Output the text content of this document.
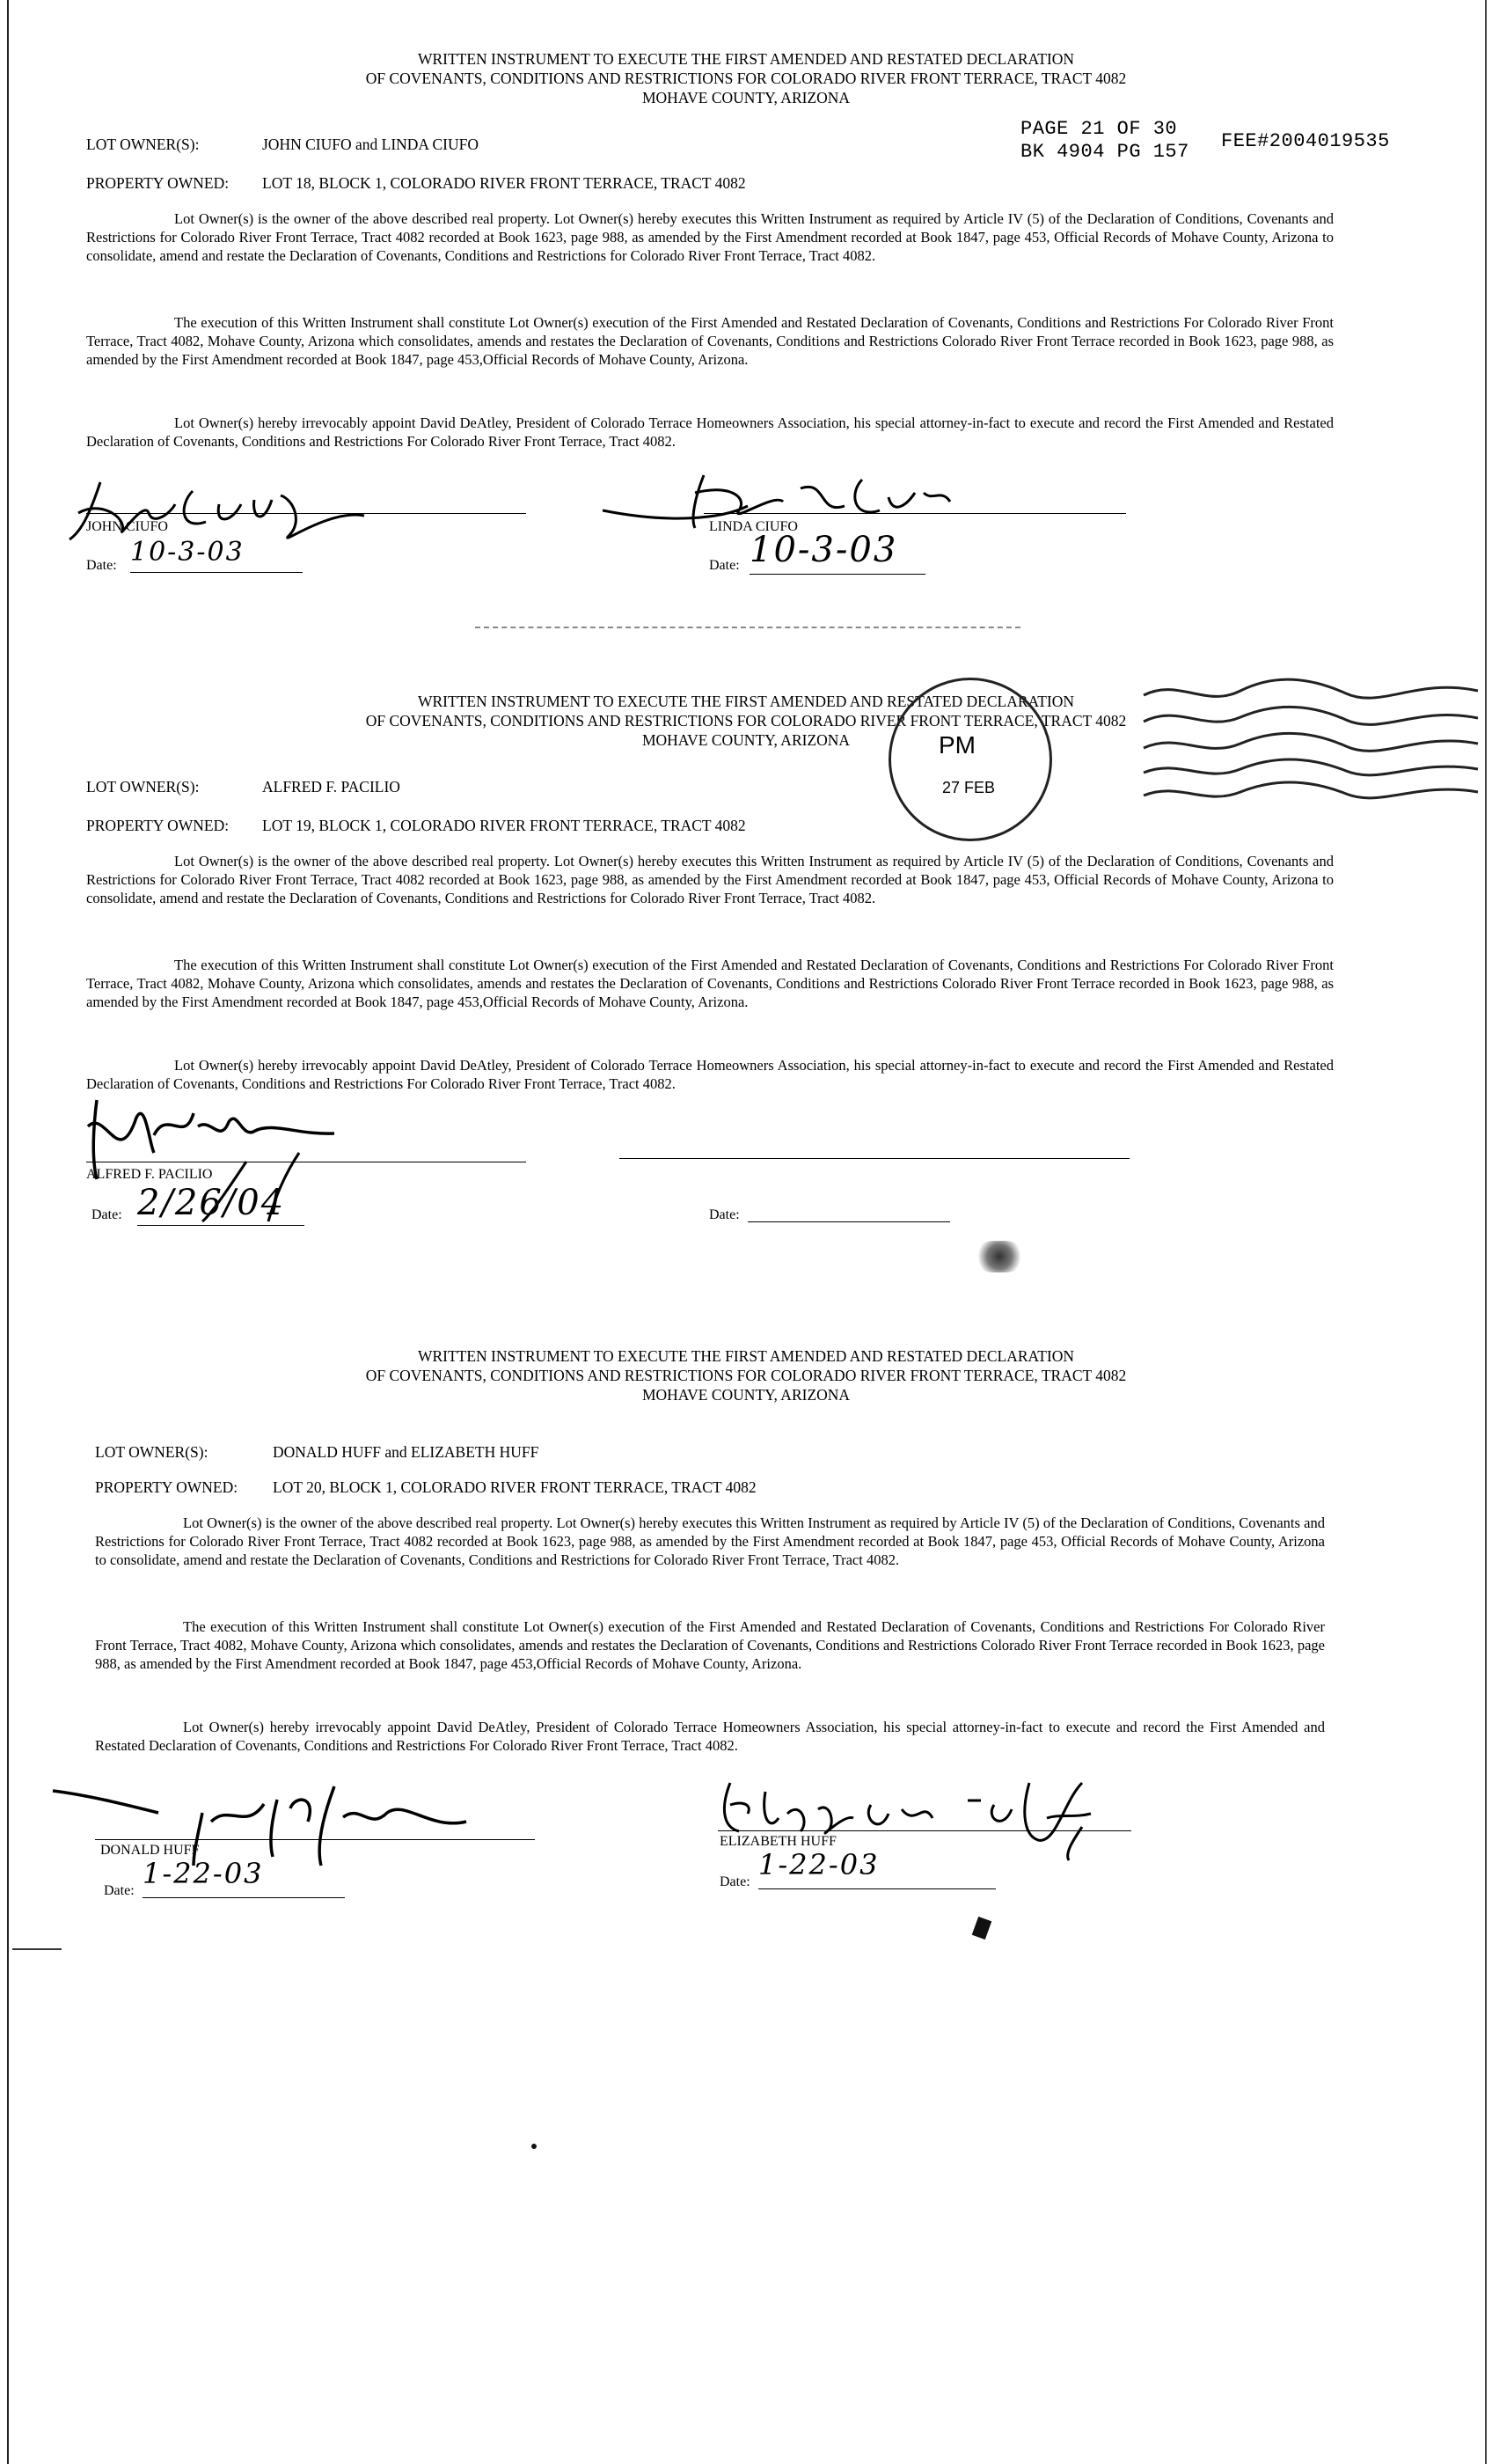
PAGE 21 OF 30
BK 4904 PG 157 FEE#2004019535
WRITTEN INSTRUMENT TO EXECUTE THE FIRST AMENDED AND RESTATED DECLARATION
OF COVENANTS, CONDITIONS AND RESTRICTIONS FOR COLORADO RIVER FRONT TERRACE, TRACT 4082
MOHAVE COUNTY, ARIZONA
LOT OWNER(S):	JOHN CIUFO and LINDA CIUFO
PROPERTY OWNED: LOT 18, BLOCK 1, COLORADO RIVER FRONT TERRACE, TRACT 4082
Lot Owner(s) is the owner of the above described real property. Lot Owner(s) hereby executes this Written Instrument as required by Article IV (5) of the Declaration of Conditions, Covenants and Restrictions for Colorado River Front Terrace, Tract 4082 recorded at Book 1623, page 988, as amended by the First Amendment recorded at Book 1847, page 453, Official Records of Mohave County, Arizona to consolidate, amend and restate the Declaration of Covenants, Conditions and Restrictions for Colorado River Front Terrace, Tract 4082.
The execution of this Written Instrument shall constitute Lot Owner(s) execution of the First Amended and Restated Declaration of Covenants, Conditions and Restrictions For Colorado River Front Terrace, Tract 4082, Mohave County, Arizona which consolidates, amends and restates the Declaration of Covenants, Conditions and Restrictions Colorado River Front Terrace recorded in Book 1623, page 988, as amended by the First Amendment recorded at Book 1847, page 453,Official Records of Mohave County, Arizona.
Lot Owner(s) hereby irrevocably appoint David DeAtley, President of Colorado Terrace Homeowners Association, his special attorney-in-fact to execute and record the First Amended and Restated Declaration of Covenants, Conditions and Restrictions For Colorado River Front Terrace, Tract 4082.
JOHN CIUFO	LINDA CIUFO
Date: 10-3-03	Date: 10-3-03
WRITTEN INSTRUMENT TO EXECUTE THE FIRST AMENDED AND RESTATED DECLARATION
OF COVENANTS, CONDITIONS AND RESTRICTIONS FOR COLORADO RIVER FRONT TERRACE, TRACT 4082
MOHAVE COUNTY, ARIZONA	PM
27 FEB
LOT OWNER(S):	ALFRED F. PACILIO
PROPERTY OWNED: LOT 19, BLOCK 1, COLORADO RIVER FRONT TERRACE, TRACT 4082
Lot Owner(s) is the owner of the above described real property. Lot Owner(s) hereby executes this Written Instrument as required by Article IV (5) of the Declaration of Conditions, Covenants and Restrictions for Colorado River Front Terrace, Tract 4082 recorded at Book 1623, page 988, as amended by the First Amendment recorded at Book 1847, page 453, Official Records of Mohave County, Arizona to consolidate, amend and restate the Declaration of Covenants, Conditions and Restrictions for Colorado River Front Terrace, Tract 4082.
The execution of this Written Instrument shall constitute Lot Owner(s) execution of the First Amended and Restated Declaration of Covenants, Conditions and Restrictions For Colorado River Front Terrace, Tract 4082, Mohave County, Arizona which consolidates, amends and restates the Declaration of Covenants, Conditions and Restrictions Colorado River Front Terrace recorded in Book 1623, page 988, as amended by the First Amendment recorded at Book 1847, page 453,Official Records of Mohave County, Arizona.
Lot Owner(s) hereby irrevocably appoint David DeAtley, President of Colorado Terrace Homeowners Association, his special attorney-in-fact to execute and record the First Amended and Restated Declaration of Covenants, Conditions and Restrictions For Colorado River Front Terrace, Tract 4082.
ALFRED F. PACILIO
Date: 2/26/04	Date:
WRITTEN INSTRUMENT TO EXECUTE THE FIRST AMENDED AND RESTATED DECLARATION
OF COVENANTS, CONDITIONS AND RESTRICTIONS FOR COLORADO RIVER FRONT TERRACE, TRACT 4082
MOHAVE COUNTY, ARIZONA
LOT OWNER(S):	DONALD HUFF and ELIZABETH HUFF
PROPERTY OWNED: LOT 20, BLOCK 1, COLORADO RIVER FRONT TERRACE, TRACT 4082
Lot Owner(s) is the owner of the above described real property. Lot Owner(s) hereby executes this Written Instrument as required by Article IV (5) of the Declaration of Conditions, Covenants and Restrictions for Colorado River Front Terrace, Tract 4082 recorded at Book 1623, page 988, as amended by the First Amendment recorded at Book 1847, page 453, Official Records of Mohave County, Arizona to consolidate, amend and restate the Declaration of Covenants, Conditions and Restrictions for Colorado River Front Terrace, Tract 4082.
The execution of this Written Instrument shall constitute Lot Owner(s) execution of the First Amended and Restated Declaration of Covenants, Conditions and Restrictions For Colorado River Front Terrace, Tract 4082, Mohave County, Arizona which consolidates, amends and restates the Declaration of Covenants, Conditions and Restrictions Colorado River Front Terrace recorded in Book 1623, page 988, as amended by the First Amendment recorded at Book 1847, page 453,Official Records of Mohave County, Arizona.
Lot Owner(s) hereby irrevocably appoint David DeAtley, President of Colorado Terrace Homeowners Association, his special attorney-in-fact to execute and record the First Amended and Restated Declaration of Covenants, Conditions and Restrictions For Colorado River Front Terrace, Tract 4082.
DONALD HUFF
ELIZABETH HUFF
Date:
1-22-03	Date:
1-22-03
